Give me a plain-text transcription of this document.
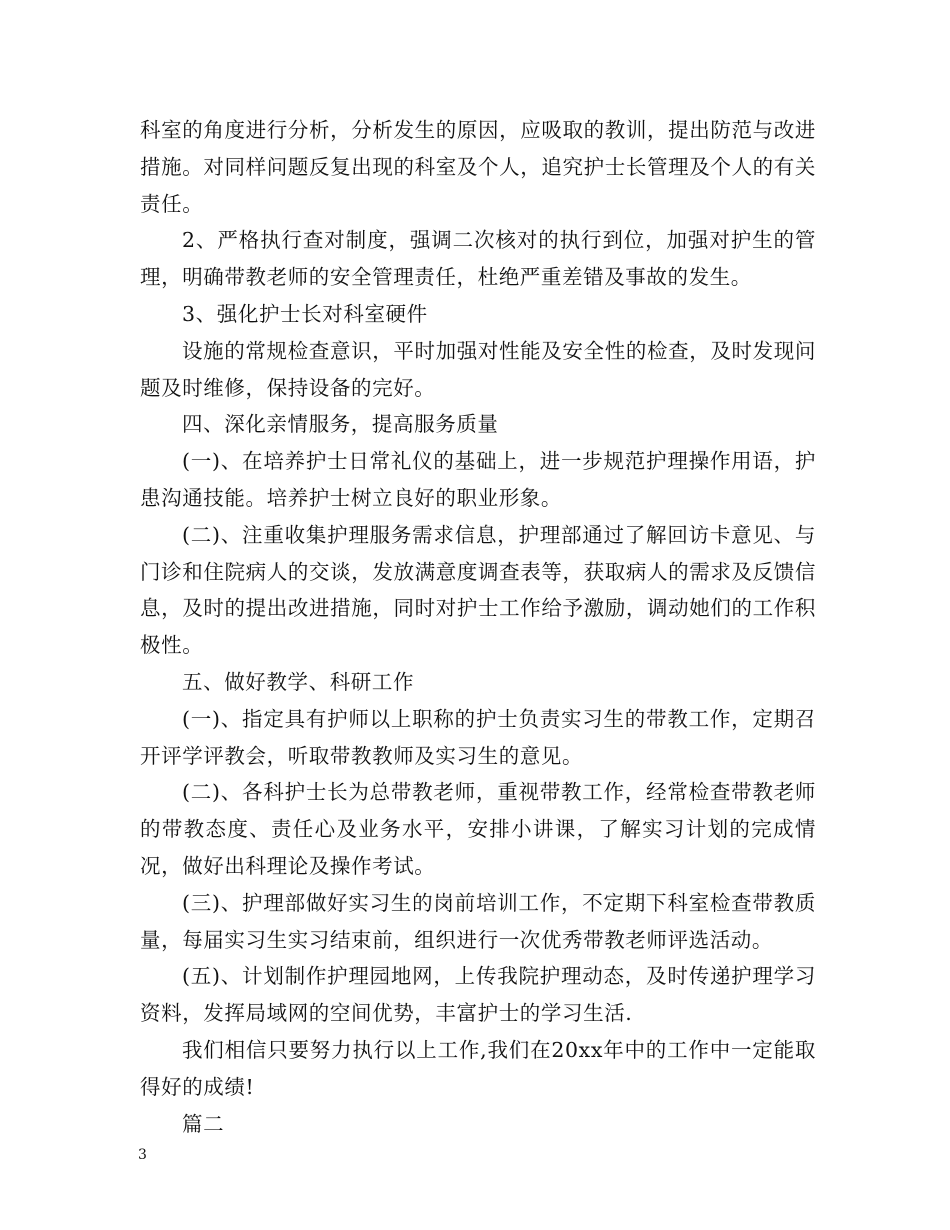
科室的角度进行分析，分析发生的原因，应吸取的教训，提出防范与改进措施。对同样问题反复出现的科室及个人，追究护士长管理及个人的有关责任。

2、严格执行查对制度，强调二次核对的执行到位，加强对护生的管理，明确带教老师的安全管理责任，杜绝严重差错及事故的发生。

3、强化护士长对科室硬件

设施的常规检查意识，平时加强对性能及安全性的检查，及时发现问题及时维修，保持设备的完好。

四、深化亲情服务，提高服务质量

(一)、在培养护士日常礼仪的基础上，进一步规范护理操作用语，护患沟通技能。培养护士树立良好的职业形象。

(二)、注重收集护理服务需求信息，护理部通过了解回访卡意见、与门诊和住院病人的交谈，发放满意度调查表等，获取病人的需求及反馈信息，及时的提出改进措施，同时对护士工作给予激励，调动她们的工作积极性。

五、做好教学、科研工作

(一)、指定具有护师以上职称的护士负责实习生的带教工作，定期召开评学评教会，听取带教教师及实习生的意见。

(二)、各科护士长为总带教老师，重视带教工作，经常检查带教老师的带教态度、责任心及业务水平，安排小讲课，了解实习计划的完成情况，做好出科理论及操作考试。

(三)、护理部做好实习生的岗前培训工作，不定期下科室检查带教质量，每届实习生实习结束前，组织进行一次优秀带教老师评选活动。

(五)、计划制作护理园地网，上传我院护理动态，及时传递护理学习资料，发挥局域网的空间优势，丰富护士的学习生活.

我们相信只要努力执行以上工作,我们在20xx年中的工作中一定能取得好的成绩!

篇二

3
